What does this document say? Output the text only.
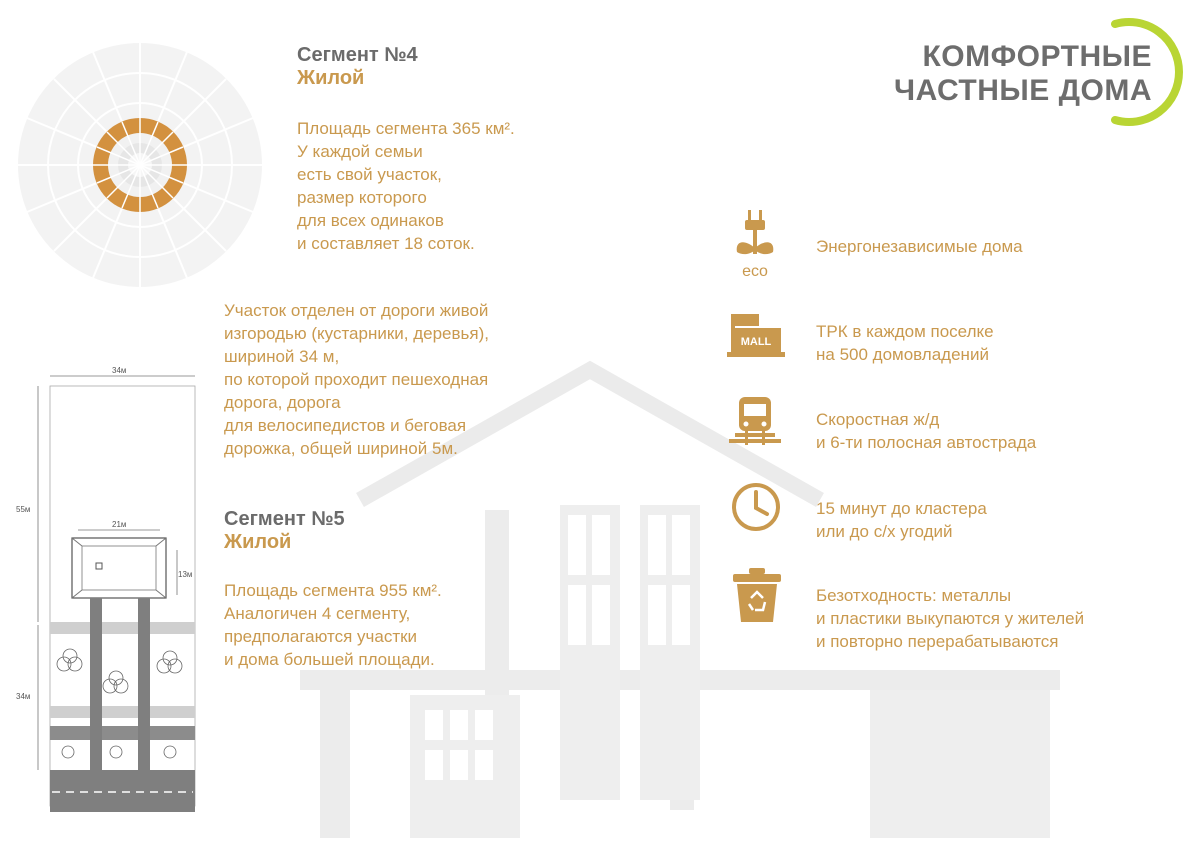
Сегмент №4
Жилой
Площадь сегмента 365 км².
У каждой семьи
есть свой участок,
размер которого
для всех одинаков
и составляет 18 соток.
Участок отделен от дороги живой
изгородью (кустарники, деревья),
шириной 34 м,
по которой проходит пешеходная
дорога, дорога
для велосипедистов и беговая
дорожка, общей шириной 5м.
Сегмент №5
Жилой
Площадь сегмента 955 км².
Аналогичен 4 сегменту,
предполагаются участки
и дома большей площади.
34м
55м
21м
13м
34м
КОМФОРТНЫЕ
ЧАСТНЫЕ ДОМА
eco
Энергонезависимые дома
MALL
ТРК в каждом поселке
на 500 домовладений
Скоростная ж/д
и 6-ти полосная автострада
15 минут до кластера
или до с/х угодий
Безотходность: металлы
и пластики выкупаются у жителей
и повторно перерабатываются
